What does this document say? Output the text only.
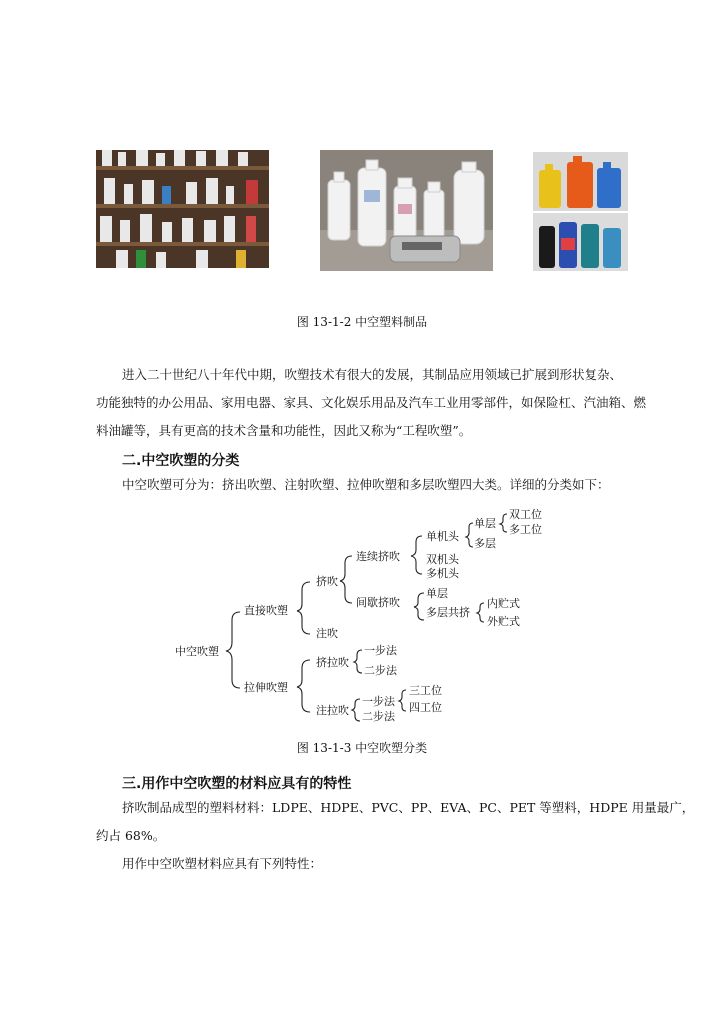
图 13-1-2 中空塑料制品
进入二十世纪八十年代中期，吹塑技术有很大的发展，其制品应用领域已扩展到形状复杂、
功能独特的办公用品、家用电器、家具、文化娱乐用品及汽车工业用零部件，如保险杠、汽油箱、燃
料油罐等，具有更高的技术含量和功能性，因此又称为“工程吹塑”。
二.中空吹塑的分类
中空吹塑可分为：挤出吹塑、注射吹塑、拉伸吹塑和多层吹塑四大类。详细的分类如下：
中空吹塑
直接吹塑
拉伸吹塑
挤吹
注吹
连续挤吹
间歇挤吹
单机头
双机头
多机头
单层
多层
双工位
多工位
单层
多层共挤
内贮式
外贮式
挤拉吹
一步法
二步法
注拉吹
一步法
二步法
三工位
四工位
图 13-1-3 中空吹塑分类
三.用作中空吹塑的材料应具有的特性
挤吹制品成型的塑料材料：LDPE、HDPE、PVC、PP、EVA、PC、PET 等塑料，HDPE 用量最广，
约占 68%。
用作中空吹塑材料应具有下列特性：
